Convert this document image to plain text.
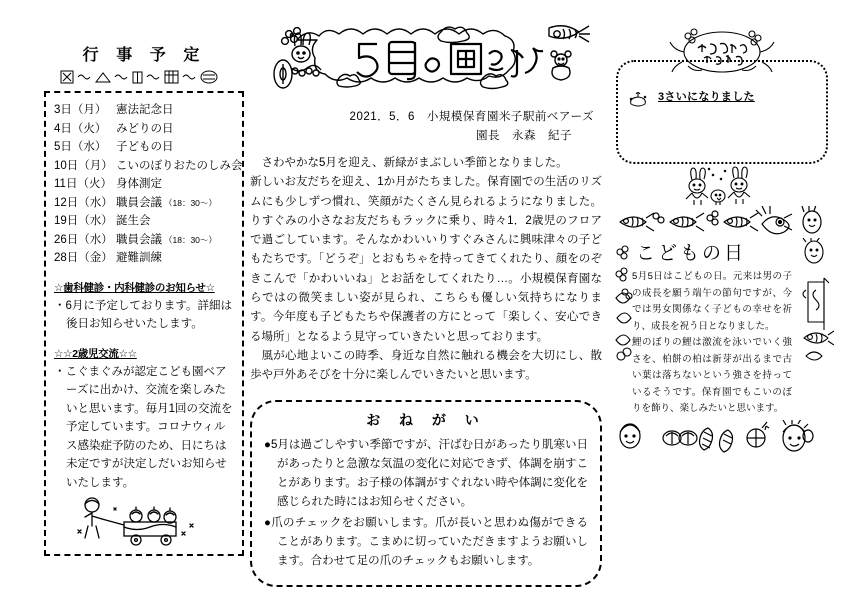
行 事 予 定
3日（月） 憲法記念日
4日（火） みどりの日
5日（水） 子どもの日
10日（月） こいのぼりおたのしみ会
11日（火） 身体測定
12日（水） 職員会議 （18：30～）
19日（水） 誕生会
26日（水） 職員会議 （18：30～）
28日（金） 避難訓練
☆歯科健診・内科健診のお知らせ☆
・6月に予定しております。詳細は後日お知らせいたします。
☆☆2歳児交流☆☆
・こぐまぐみが認定こども園ベアーズに出かけ、交流を楽しみたいと思います。毎月1回の交流を予定しています。コロナウィルス感染症予防のため、日にちは未定ですが決定しだいお知らせいたします。
2021．5．6　小規模保育園米子駅前ベアーズ
園長　永森　紀子

さわやかな5月を迎え、新緑がまぶしい季節となりました。

新しいお友だちを迎え、1か月がたちました。保育園での生活のリズムにも少しずつ慣れ、笑顔がたくさん見られるようになりました。りすぐみの小さなお友だちもラックに乗り、時々1．2歳児のフロアで過ごしています。そんなかわいいりすぐみさんに興味津々の子どもたちです。「どうぞ」とおもちゃを持ってきてくれたり、顔をのぞきこんで「かわいいね」とお話をしてくれたり…。小規模保育園ならではの微笑ましい姿が見られ、こちらも優しい気持ちになります。今年度も子どもたちや保護者の方にとって「楽しく、安心できる場所」となるよう見守っていきたいと思っております。

風が心地よいこの時季、身近な自然に触れる機会を大切にし、散歩や戸外あそびを十分に楽しんでいきたいと思います。

お ね が い
●5月は過ごしやすい季節ですが、汗ばむ日があったり肌寒い日があったりと急激な気温の変化に対応できず、体調を崩すことがあります。お子様の体調がすぐれない時や体調に変化を感じられた時にはお知らせください。
●爪のチェックをお願いします。爪が長いと思わぬ傷ができることがあります。こまめに切っていただきますようお願いします。合わせて足の爪のチェックもお願いします。
3さいになりました
こどもの日

5月5日はこどもの日。元来は男の子の成長を願う端午の節句ですが、今では男女関係なく子どもの幸せを祈り、成長を祝う日となりました。

鯉のぼりの鯉は激流を泳いでいく強さを、柏餅の柏は新芽が出るまで古い葉は落ちないという強さを持っているそうです。保育園でもこいのぼりを飾り、楽しみたいと思います。
